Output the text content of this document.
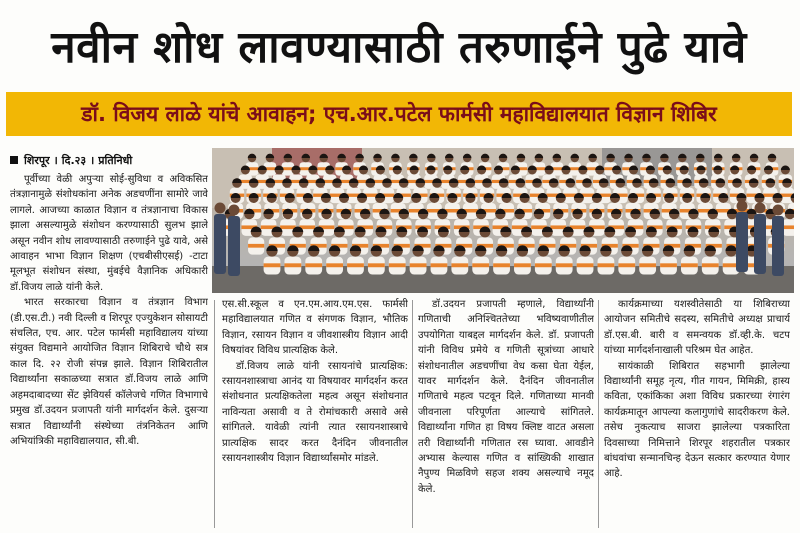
नवीन शोध लावण्यासाठी तरुणाईने पुढे यावे
डॉ. विजय लाळे यांचे आवाहन; एच.आर.पटेल फार्मसी महाविद्यालयात विज्ञान शिबिर
शिरपूर । दि.२३ । प्रतिनिधी

पूर्वीच्या वेळी अपुऱ्या सोई-सुविधा व अविकसित तंत्रज्ञानामुळे संशोधकांना अनेक अडचणींना सामोरे जावे लागले. आजच्या काळात विज्ञान व तंत्रज्ञानाचा विकास झाला असल्यामुळे संशोधन करण्यासाठी सुलभ झाले असून नवीन शोध लावण्यासाठी तरुणाईने पुढे यावे, असे आवाहन भाभा विज्ञान शिक्षण (एचबीसीएसई) -टाटा मूलभूत संशोधन संस्था, मुंबईचे वैज्ञानिक अधिकारी डॉ.विजय लाळे यांनी केले.

भारत सरकारचा विज्ञान व तंत्रज्ञान विभाग (डी.एस.टी.) नवी दिल्ली व शिरपूर एज्युकेशन सोसायटी संचलित, एच. आर. पटेल फार्मसी महाविद्यालय यांच्या संयुक्त विद्यमाने आयोजित विज्ञान शिबिराचे चौथे सत्र काल दि. २२ रोजी संपन्न झाले. विज्ञान शिबिरातील विद्यार्थ्यांना सकाळच्या सत्रात डॉ.विजय लाळे आणि अहमदाबादच्या सेंट झेवियर्स कॉलेजचे गणित विभागाचे प्रमुख डॉ.उदयन प्रजापती यांनी मार्गदर्शन केले. दुसऱ्या सत्रात विद्यार्थ्यांनी संस्थेच्या तंत्रनिकेतन आणि अभियांत्रिकी महाविद्यालयात, सी.बी.

एस.सी.स्कूल व एन.एम.आय.एम.एस. फार्मसी महाविद्यालयात गणित व संगणक विज्ञान, भौतिक विज्ञान, रसायन विज्ञान व जीवशास्त्रीय विज्ञान आदी विषयांवर विविध प्रात्यक्षिक केले.

डॉ.विजय लाळे यांनी रसायनांचे प्रात्यक्षिक: रसायनशास्त्राचा आनंद या विषयावर मार्गदर्शन करत संशोधनात प्रत्यक्षिकतेला महत्व असून संशोधनात नाविन्यता असावी व ते रोमांचकारी असावे असे सांगितले. यावेळी त्यांनी त्यात रसायनशास्त्राचे प्रात्यक्षिक सादर करत दैनंदिन जीवनातील रसायनशास्त्रीय विज्ञान विद्यार्थ्यांसमोर मांडले.

डॉ.उदयन प्रजापती म्हणाले, विद्यार्थ्यांनी गणिताची अनिश्चिततेच्या भविष्यवाणीतील उपयोगिता याबद्दल मार्गदर्शन केले. डॉ. प्रजापती यांनी विविध प्रमेये व गणिती सूत्रांच्या आधारे संशोधनातील अडचणींचा वेध कसा घेता येईल, यावर मार्गदर्शन केले. दैनंदिन जीवनातील गणिताचे महत्व पटवून दिले. गणिताच्या मानवी जीवनाला परिपूर्णता आल्याचे सांगितले. विद्यार्थ्यांना गणित हा विषय क्लिष्ट वाटत असला तरी विद्यार्थ्यांनी गणितात रस घ्यावा. आवडीने अभ्यास केल्यास गणित व सांख्यिकी शाखात नैपुण्य मिळविणे सहज शक्य असल्याचे नमूद केले.

कार्यक्रमाच्या यशस्वीतेसाठी या शिबिराच्या आयोजन समितीचे सदस्य, समितीचे अध्यक्ष प्राचार्य डॉ.एस.बी. बारी व समन्वयक डॉ.व्ही.के. चटप यांच्या मार्गदर्शनाखाली परिश्रम घेत आहेत.

सायंकाळी शिबिरात सहभागी झालेल्या विद्यार्थ्यांनी समूह नृत्य, गीत गायन, मिमिक्री, हास्य कविता, एकांकिका अशा विविध प्रकारच्या रंगारंग कार्यक्रमातून आपल्या कलागुणांचे सादरीकरण केले. तसेच नुकत्याच साजरा झालेल्या पत्रकारिता दिवसाच्या निमित्ताने शिरपूर शहरातील पत्रकार बांधवांचा सन्मानचिन्ह देऊन सत्कार करण्यात येणार आहे.
